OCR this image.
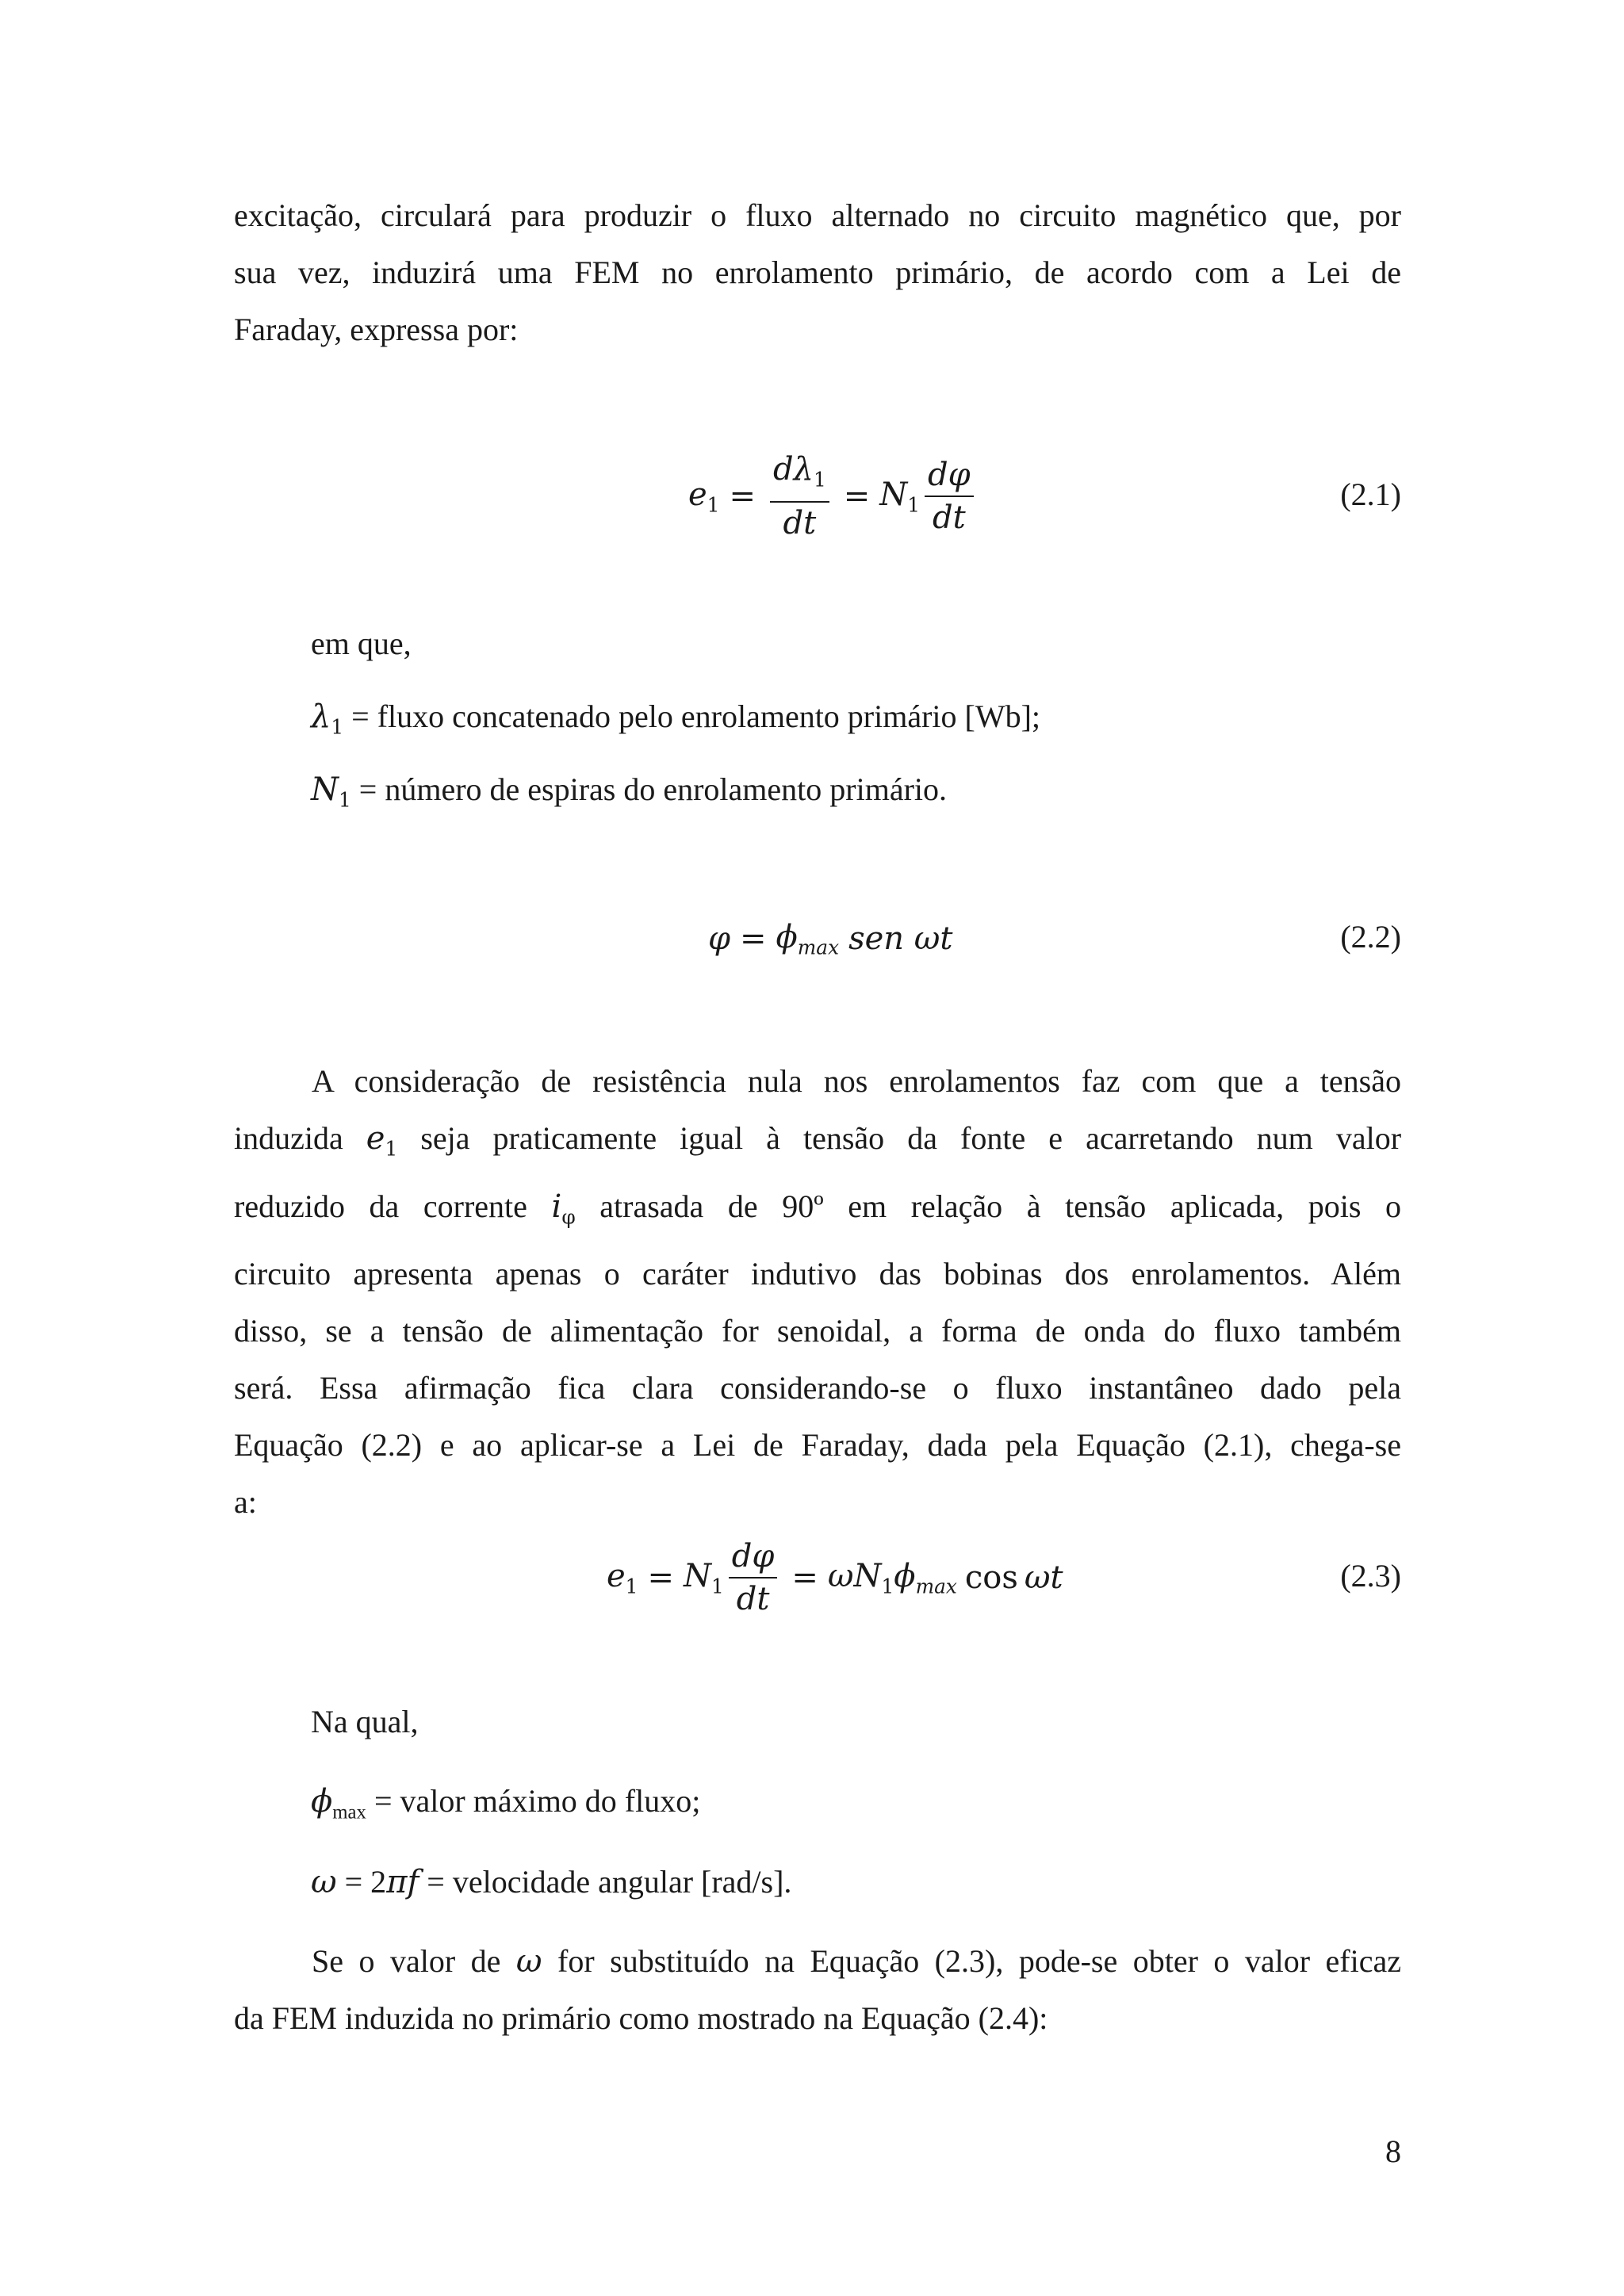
excitação, circulará para produzir o fluxo alternado no circuito magnético que, por
sua vez, induzirá uma FEM no enrolamento primário, de acordo com a Lei de
Faraday, expressa por:
$e_1 = \frac{d\lambda_1}{dt} = N_1 \frac{d\varphi}{dt}$	(2.1)
em que,
$\lambda_1$ = fluxo concatenado pelo enrolamento primário [Wb];
$N_1$ = número de espiras do enrolamento primário.
$\varphi = \phi_{max}$ sen ωt	(2.2)
A consideração de resistência nula nos enrolamentos faz com que a tensão
induzida $e_1$ seja praticamente igual à tensão da fonte e acarretando num valor
reduzido da corrente $i_\varphi$ atrasada de 90º em relação à tensão aplicada, pois o
circuito apresenta apenas o caráter indutivo das bobinas dos enrolamentos. Além
disso, se a tensão de alimentação for senoidal, a forma de onda do fluxo também
será. Essa afirmação fica clara considerando-se o fluxo instantâneo dado pela
Equação (2.2) e ao aplicar-se a Lei de Faraday, dada pela Equação (2.1), chega-se
a:
$e_1 = N_1 \frac{d\varphi}{dt} = \omega N_1$ $\phi_{max}$ cos ωt	(2.3)
Na qual,
$\phi_{max}$ = valor máximo do fluxo;
ω = 2πf = velocidade angular [rad/s].
Se o valor de ω for substituído na Equação (2.3), pode-se obter o valor eficaz
da FEM induzida no primário como mostrado na Equação (2.4):
8
